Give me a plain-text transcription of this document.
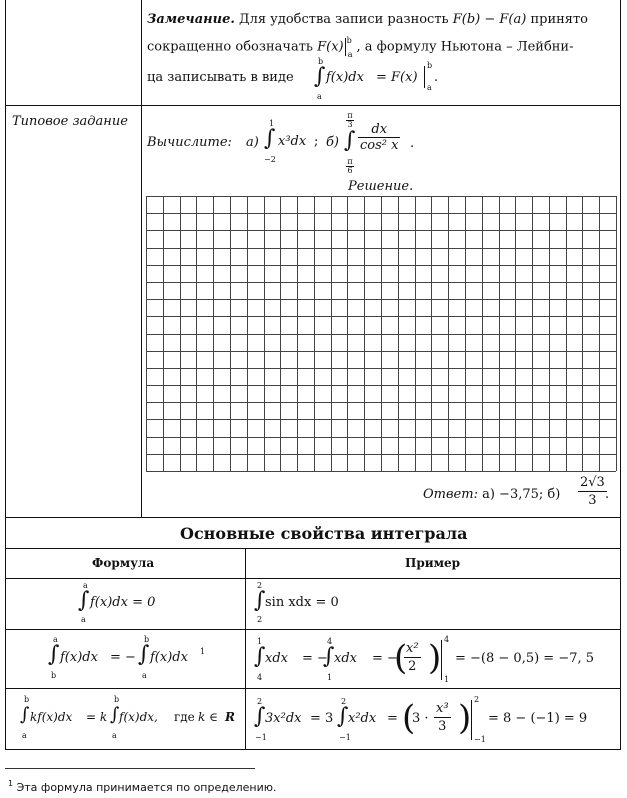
Замечание. Для удобства записи разность F(b) − F(a) принято
сокращенно обозначать F(x) $^b_a$ , а формулу Ньютона – Лейбни-
ца записывать в виде
b
∫
a
f(x)dx = F(x)
b
a
.
Типовое задание
Вычислите: а)
1
∫
−2
x³dx ; б)
$\frac{\pi}{3}$
∫
$\frac{\pi}{6}$
$\frac{dx}{\text{cos² x}}$ .
Решение.
Ответ: а) −3,75; $б) \frac{2√3}{3}$
.
Основные свойства интеграла
Формула	Пример
a
∫
a
f(x)dx = 0
2
∫
2
sin xdx = 0
a
∫
b
f(x)dx = −
b
∫
a
f(x)dx 1
1
∫
4
xdx = −
4
∫
1
xdx = −
(
$\frac{\text{x²}}{2}$ ) 4
1
= −(8 − 0,5) = −7, 5
b
∫
a
kf(x)dx = k
b
∫
a
f(x)dx, где k ∈ R
2
∫
−1
3x²dx = 3
2
∫
−1
x²dx = (
$3 \cdot \frac{\text{x³}}{3}$ ) 2
−1
= 8 − (−1) = 9
$^1$ Эта формула принимается по определению.
